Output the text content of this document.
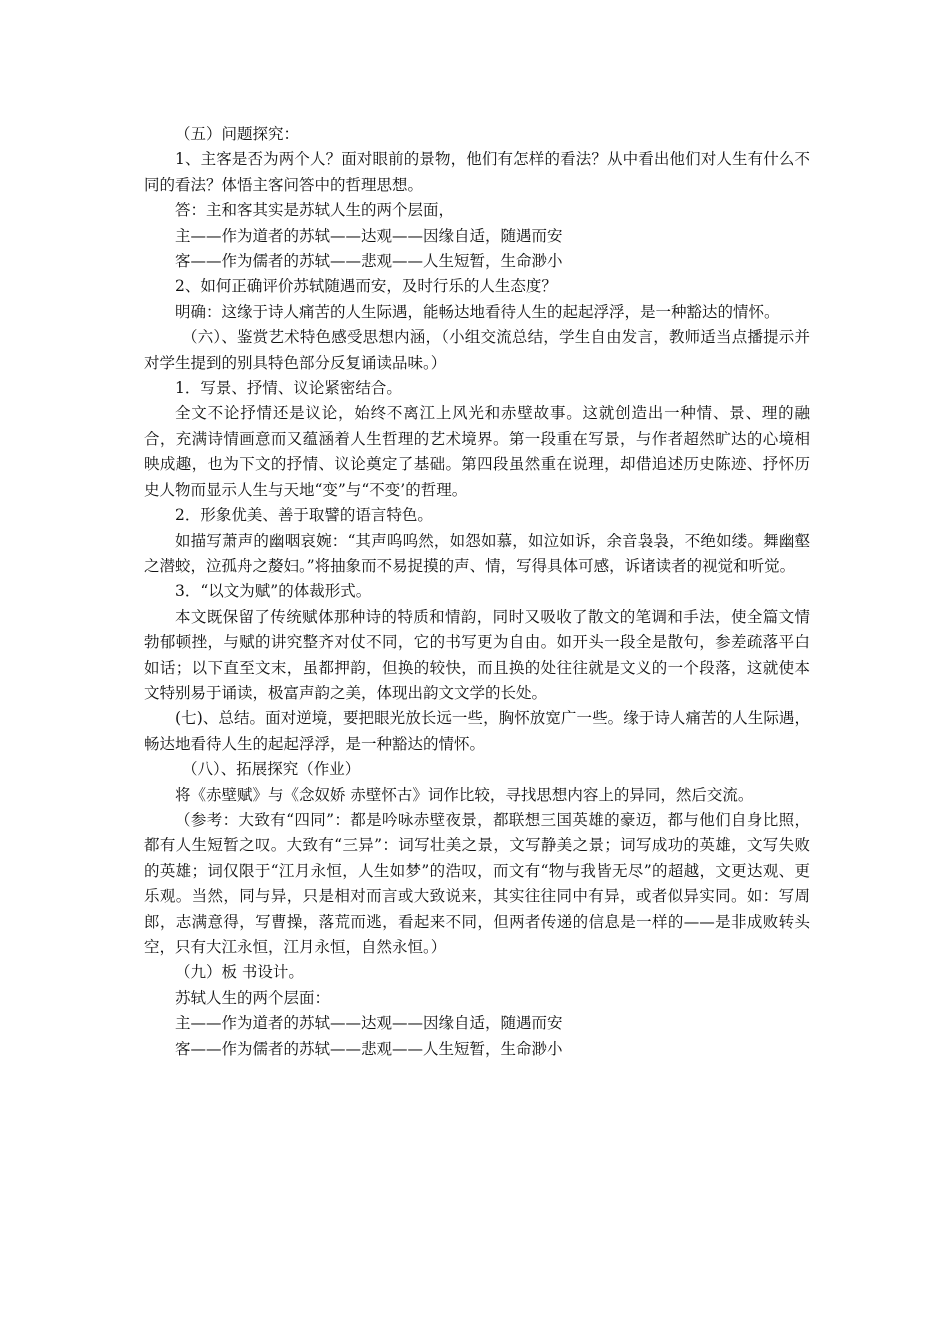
（五）问题探究：

1、主客是否为两个人？面对眼前的景物，他们有怎样的看法？从中看出他们对人生有什么不同的看法？体悟主客问答中的哲理思想。

答：主和客其实是苏轼人生的两个层面，

主——作为道者的苏轼——达观——因缘自适，随遇而安

客——作为儒者的苏轼——悲观——人生短暂，生命渺小

2、如何正确评价苏轼随遇而安，及时行乐的人生态度？

明确：这缘于诗人痛苦的人生际遇，能畅达地看待人生的起起浮浮，是一种豁达的情怀。

（六）、鉴赏艺术特色感受思想内涵，（小组交流总结，学生自由发言，教师适当点播提示并对学生提到的别具特色部分反复诵读品味。）

1．写景、抒情、议论紧密结合。

全文不论抒情还是议论，始终不离江上风光和赤壁故事。这就创造出一种情、景、理的融合，充满诗情画意而又蕴涵着人生哲理的艺术境界。第一段重在写景，与作者超然旷达的心境相映成趣，也为下文的抒情、议论奠定了基础。第四段虽然重在说理，却借追述历史陈迹、抒怀历史人物而显示人生与天地“变”与“不变’的哲理。

2．形象优美、善于取譬的语言特色。

如描写萧声的幽咽哀婉：“其声呜呜然，如怨如慕，如泣如诉，余音袅袅，不绝如缕。舞幽壑之潜蛟，泣孤舟之嫠妇。”将抽象而不易捉摸的声、情，写得具体可感，诉诸读者的视觉和听觉。

3．“以文为赋”的体裁形式。

本文既保留了传统赋体那种诗的特质和情韵，同时又吸收了散文的笔调和手法，使全篇文情勃郁顿挫，与赋的讲究整齐对仗不同，它的书写更为自由。如开头一段全是散句，参差疏落平白如话；以下直至文末，虽都押韵，但换的较快，而且换的处往往就是文义的一个段落，这就使本文特别易于诵读，极富声韵之美，体现出韵文文学的长处。

(七)、总结。面对逆境，要把眼光放长远一些，胸怀放宽广一些。缘于诗人痛苦的人生际遇，畅达地看待人生的起起浮浮，是一种豁达的情怀。

（八）、拓展探究（作业）

将《赤壁赋》与《念奴娇 赤壁怀古》词作比较，寻找思想内容上的异同，然后交流。

（参考：大致有“四同”：都是吟咏赤壁夜景，都联想三国英雄的豪迈，都与他们自身比照，都有人生短暂之叹。大致有“三异”：词写壮美之景，文写静美之景；词写成功的英雄，文写失败的英雄；词仅限于“江月永恒，人生如梦”的浩叹，而文有“物与我皆无尽”的超越，文更达观、更乐观。当然，同与异，只是相对而言或大致说来，其实往往同中有异，或者似异实同。如：写周郎，志满意得，写曹操，落荒而逃，看起来不同，但两者传递的信息是一样的——是非成败转头空，只有大江永恒，江月永恒，自然永恒。）

（九）板 书设计。

苏轼人生的两个层面：

主——作为道者的苏轼——达观——因缘自适，随遇而安

客——作为儒者的苏轼——悲观——人生短暂，生命渺小
